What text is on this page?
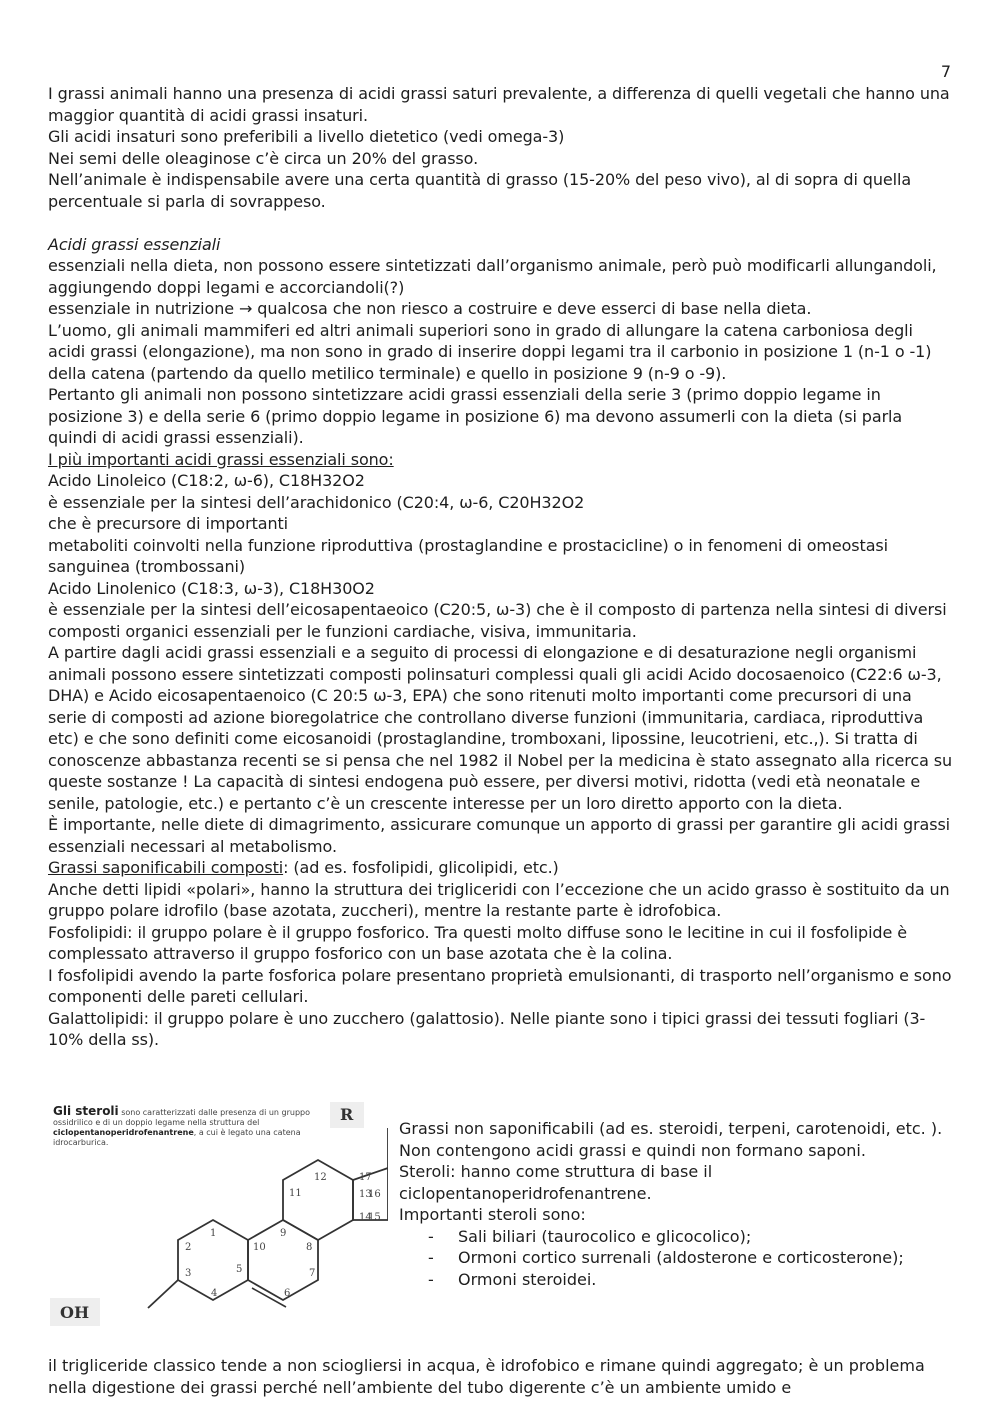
7

I grassi animali hanno una presenza di acidi grassi saturi prevalente, a differenza di quelli vegetali che hanno una maggior quantità di acidi grassi insaturi.

Gli acidi insaturi sono preferibili a livello dietetico (vedi omega-3)

Nei semi delle oleaginose c’è circa un 20% del grasso.

Nell’animale è indispensabile avere una certa quantità di grasso (15-20% del peso vivo), al di sopra di quella percentuale si parla di sovrappeso.

Acidi grassi essenziali

essenziali nella dieta, non possono essere sintetizzati dall’organismo animale, però può modificarli allungandoli, aggiungendo doppi legami e accorciandoli(?)

essenziale in nutrizione → qualcosa che non riesco a costruire e deve esserci di base nella dieta.

L’uomo, gli animali mammiferi ed altri animali superiori sono in grado di allungare la catena carboniosa degli acidi grassi (elongazione), ma non sono in grado di inserire doppi legami tra il carbonio in posizione 1 (n-1 o -1) della catena (partendo da quello metilico terminale) e quello in posizione 9 (n-9 o -9).

Pertanto gli animali non possono sintetizzare acidi grassi essenziali della serie 3 (primo doppio legame in posizione 3) e della serie 6 (primo doppio legame in posizione 6) ma devono assumerli con la dieta (si parla quindi di acidi grassi essenziali).

I più importanti acidi grassi essenziali sono:

Acido Linoleico (C18:2, ω-6), C18H32O2

è essenziale per la sintesi dell’arachidonico (C20:4, ω-6, C20H32O2

che è precursore di importanti

metaboliti coinvolti nella funzione riproduttiva (prostaglandine e prostacicline) o in fenomeni di omeostasi sanguinea (trombossani)

Acido Linolenico (C18:3, ω-3), C18H30O2

è essenziale per la sintesi dell’eicosapentaeoico (C20:5, ω-3) che è il composto di partenza nella sintesi di diversi composti organici essenziali per le funzioni cardiache, visiva, immunitaria.

A partire dagli acidi grassi essenziali e a seguito di processi di elongazione e di desaturazione negli organismi animali possono essere sintetizzati composti polinsaturi complessi quali gli acidi Acido docosaenoico (C22:6 ω-3, DHA) e Acido eicosapentaenoico (C 20:5 ω-3, EPA) che sono ritenuti molto importanti come precursori di una serie di composti ad azione bioregolatrice che controllano diverse funzioni (immunitaria, cardiaca, riproduttiva etc) e che sono definiti come eicosanoidi (prostaglandine, tromboxani, lipossine, leucotrieni, etc.,). Si tratta di conoscenze abbastanza recenti se si pensa che nel 1982 il Nobel per la medicina è stato assegnato alla ricerca su queste sostanze ! La capacità di sintesi endogena può essere, per diversi motivi, ridotta (vedi età neonatale e senile, patologie, etc.) e pertanto c’è un crescente interesse per un loro diretto apporto con la dieta.

È importante, nelle diete di dimagrimento, assicurare comunque un apporto di grassi per garantire gli acidi grassi essenziali necessari al metabolismo.

Grassi saponificabili composti: (ad es. fosfolipidi, glicolipidi, etc.)

Anche detti lipidi «polari», hanno la struttura dei trigliceridi con l’eccezione che un acido grasso è sostituito da un gruppo polare idrofilo (base azotata, zuccheri), mentre la restante parte è idrofobica.

Fosfolipidi: il gruppo polare è il gruppo fosforico. Tra questi molto diffuse sono le lecitine in cui il fosfolipide è complessato attraverso il gruppo fosforico con un base azotata che è la colina.

I fosfolipidi avendo la parte fosforica polare presentano proprietà emulsionanti, di trasporto nell’organismo e sono componenti delle pareti cellulari.

Galattolipidi: il gruppo polare è uno zucchero (galattosio). Nelle piante sono i tipici grassi dei tessuti fogliari (3-10% della ss).

OH
R
1
2
3
4
5
6
7
8
9
10
11
12
13
14
17
16
15
Gli steroli sono caratterizzati dalle presenza di un gruppo ossidrilico e di un doppio legame nella struttura del ciclopentanoperidrofenantrene, a cui è legato una catena idrocarburica.

Grassi non saponificabili (ad es. steroidi, terpeni, carotenoidi, etc. ).

Non contengono acidi grassi e quindi non formano saponi.

Steroli: hanno come struttura di base il ciclopentanoperidrofenantrene.

Importanti steroli sono:

-	Sali biliari (taurocolico e glicocolico);
-	Ormoni cortico surrenali (aldosterone e corticosterone);
-	Ormoni steroidei.

il trigliceride classico tende a non sciogliersi in acqua, è idrofobico e rimane quindi aggregato; è un problema nella digestione dei grassi perché nell’ambiente del tubo digerente c’è un ambiente umido e
